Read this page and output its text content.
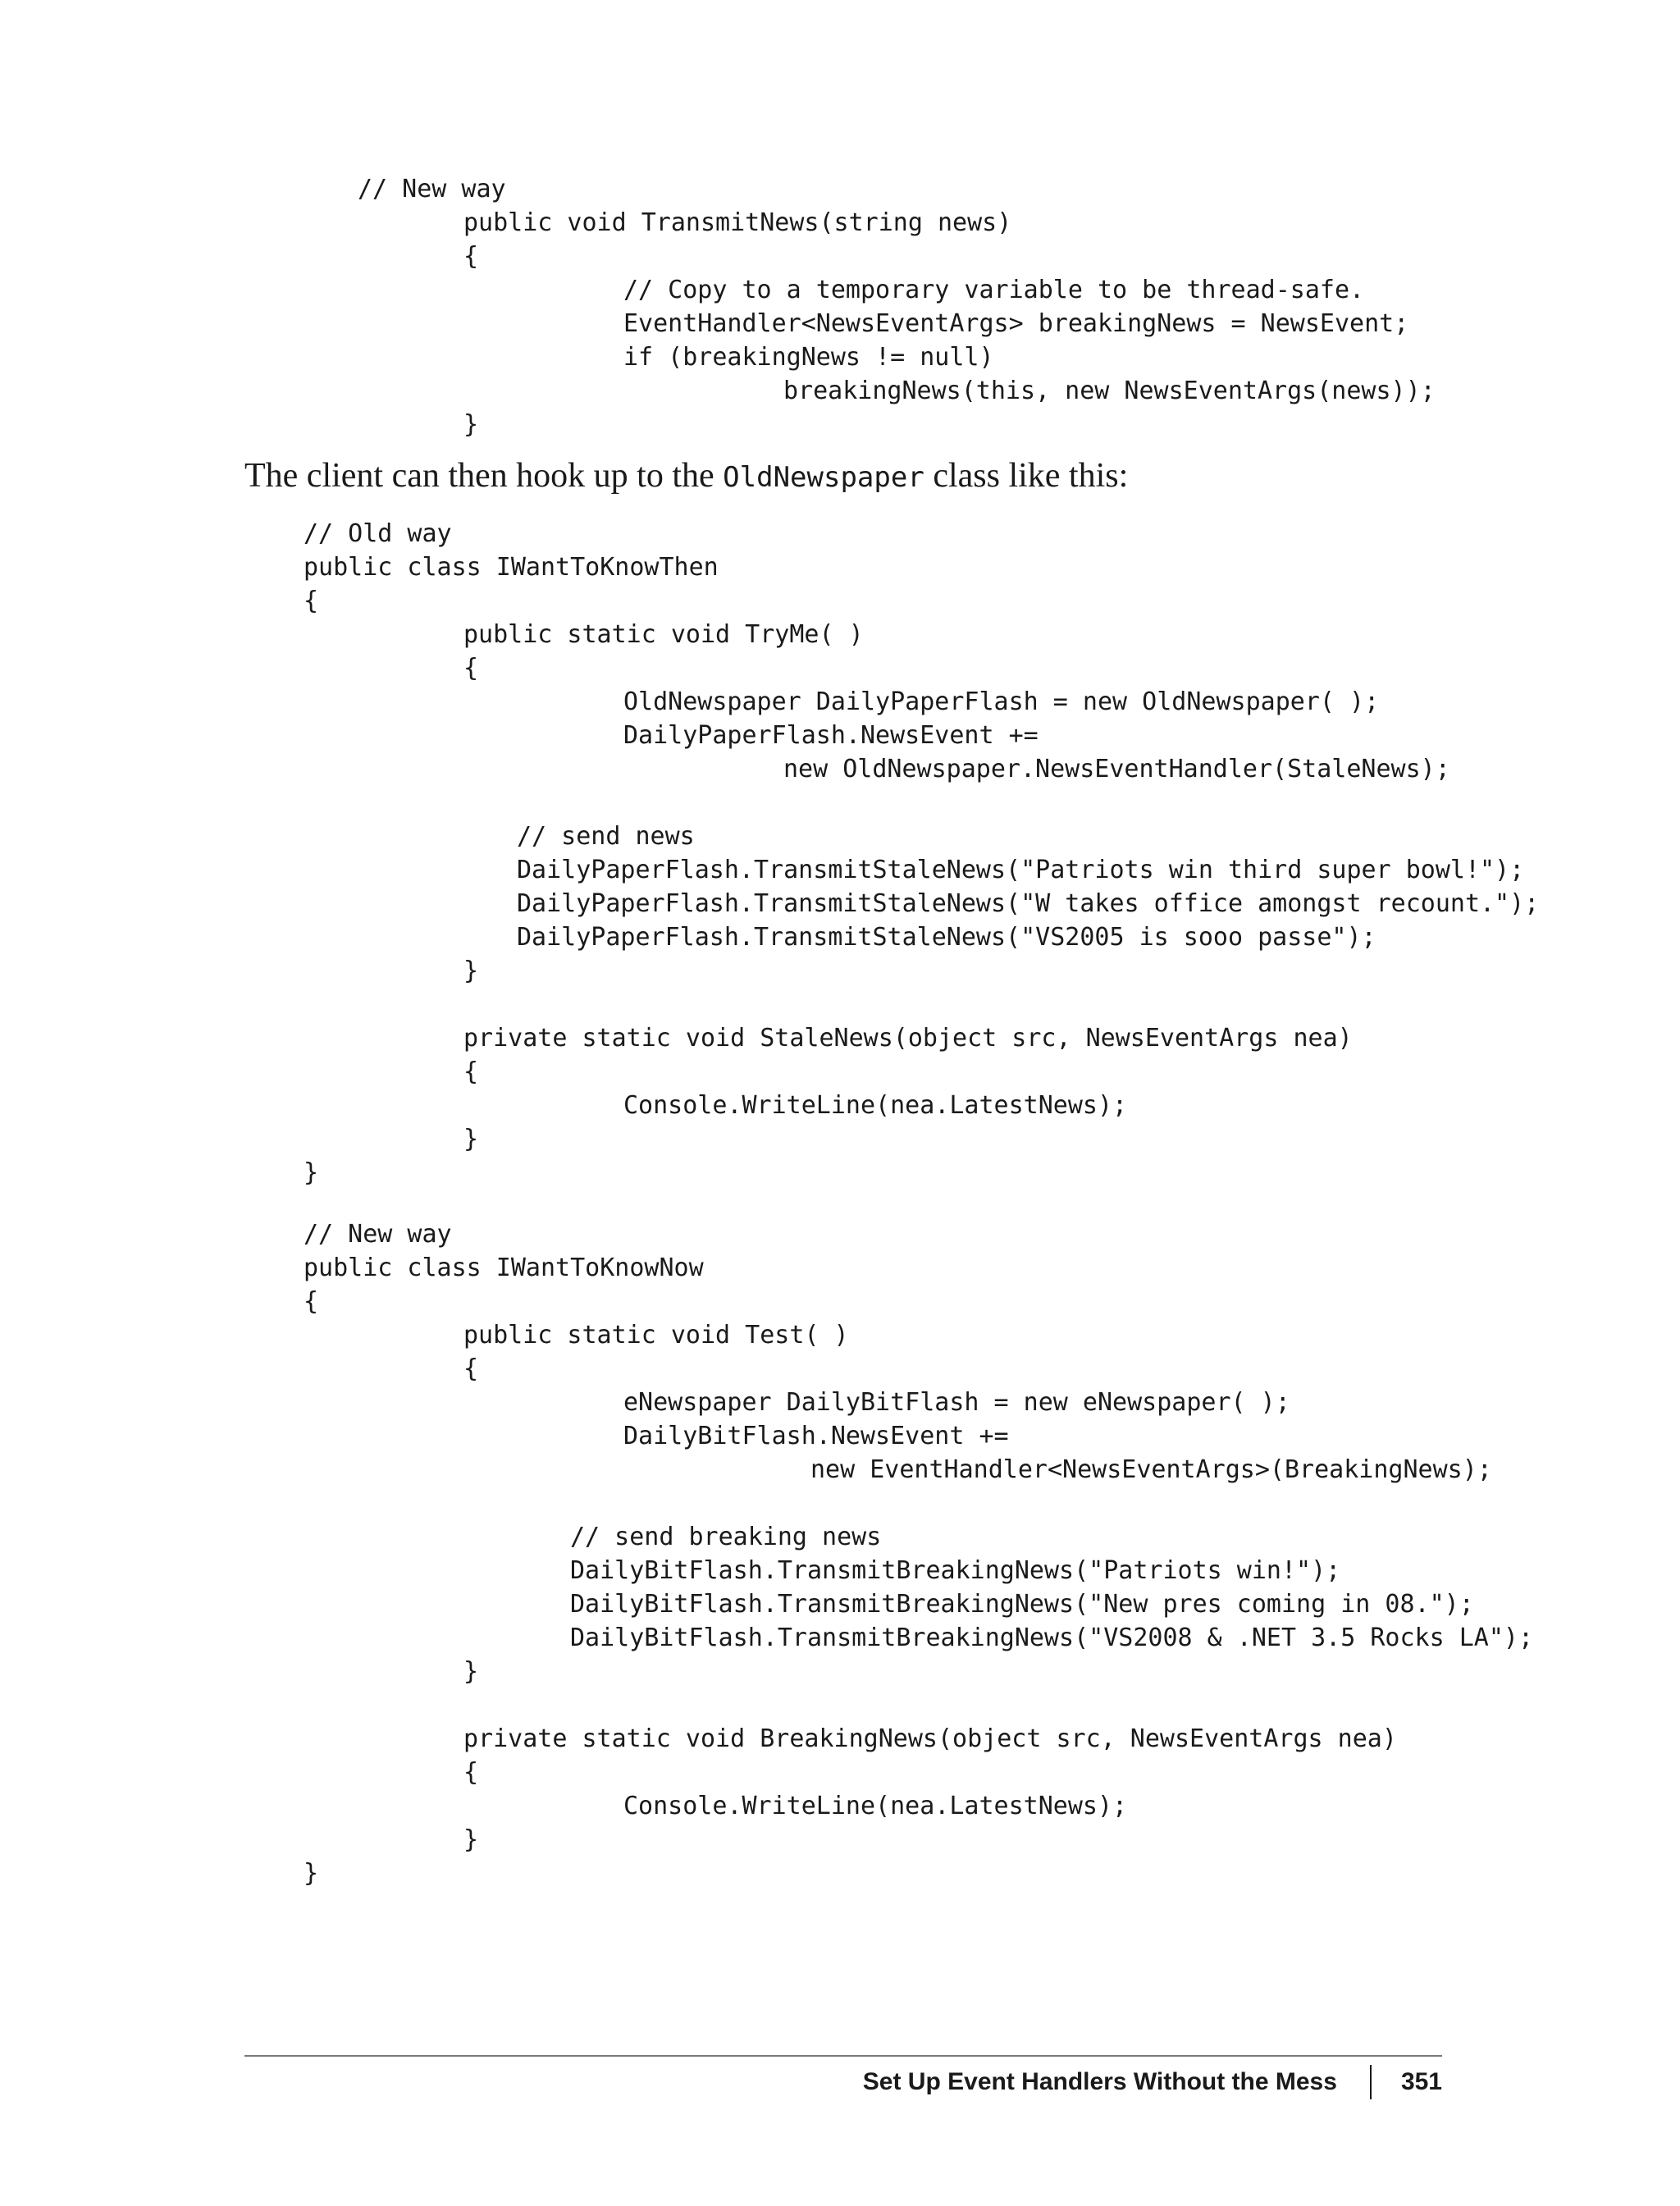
// New way
public void TransmitNews(string news)
{
// Copy to a temporary variable to be thread-safe.
EventHandler<NewsEventArgs> breakingNews = NewsEvent;
if (breakingNews != null)
breakingNews(this, new NewsEventArgs(news));
}

The client can then hook up to the OldNewspaper class like this:

// Old way
public class IWantToKnowThen
{
public static void TryMe( )
{
OldNewspaper DailyPaperFlash = new OldNewspaper( );
DailyPaperFlash.NewsEvent +=
new OldNewspaper.NewsEventHandler(StaleNews);
// send news
DailyPaperFlash.TransmitStaleNews("Patriots win third super bowl!");
DailyPaperFlash.TransmitStaleNews("W takes office amongst recount.");
DailyPaperFlash.TransmitStaleNews("VS2005 is sooo passe");
}
private static void StaleNews(object src, NewsEventArgs nea)
{
Console.WriteLine(nea.LatestNews);
}
}
// New way
public class IWantToKnowNow
{
public static void Test( )
{
eNewspaper DailyBitFlash = new eNewspaper( );
DailyBitFlash.NewsEvent +=
new EventHandler<NewsEventArgs>(BreakingNews);
// send breaking news
DailyBitFlash.TransmitBreakingNews("Patriots win!");
DailyBitFlash.TransmitBreakingNews("New pres coming in 08.");
DailyBitFlash.TransmitBreakingNews("VS2008 & .NET 3.5 Rocks LA");
}
private static void BreakingNews(object src, NewsEventArgs nea)
{
Console.WriteLine(nea.LatestNews);
}
}

Set Up Event Handlers Without the Mess	351
